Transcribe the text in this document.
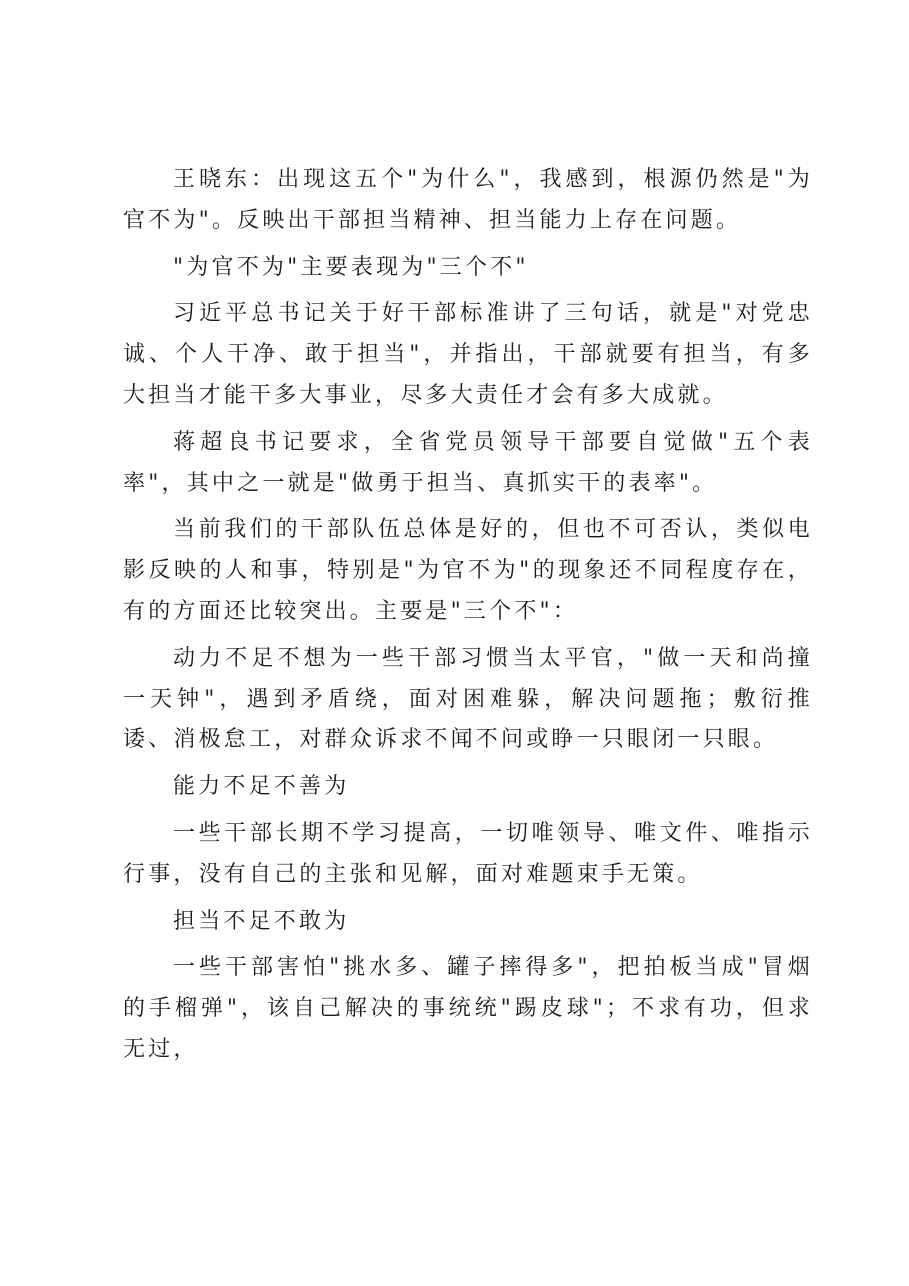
王晓东：出现这五个"为什么"，我感到，根源仍然是"为官不为"。反映出干部担当精神、担当能力上存在问题。

"为官不为"主要表现为"三个不"

习近平总书记关于好干部标准讲了三句话，就是"对党忠诚、个人干净、敢于担当"，并指出，干部就要有担当，有多大担当才能干多大事业，尽多大责任才会有多大成就。

蒋超良书记要求，全省党员领导干部要自觉做"五个表率"，其中之一就是"做勇于担当、真抓实干的表率"。

当前我们的干部队伍总体是好的，但也不可否认，类似电影反映的人和事，特别是"为官不为"的现象还不同程度存在，有的方面还比较突出。主要是"三个不"：

动力不足不想为一些干部习惯当太平官，"做一天和尚撞一天钟"，遇到矛盾绕，面对困难躲，解决问题拖；敷衍推诿、消极怠工，对群众诉求不闻不问或睁一只眼闭一只眼。

能力不足不善为

一些干部长期不学习提高，一切唯领导、唯文件、唯指示行事，没有自己的主张和见解，面对难题束手无策。

担当不足不敢为

一些干部害怕"挑水多、罐子摔得多"，把拍板当成"冒烟的手榴弹"，该自己解决的事统统"踢皮球"；不求有功，但求无过，
